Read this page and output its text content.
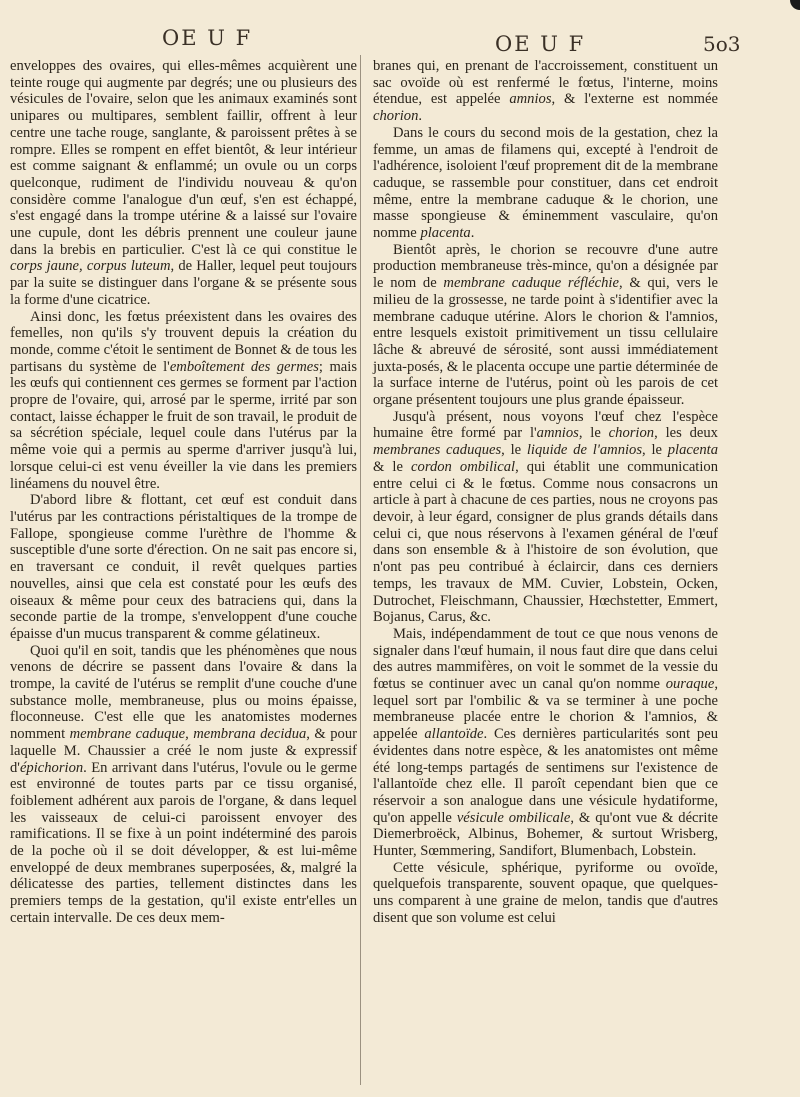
OE U F	OE U F	5o3

enveloppes des ovaires, qui elles-mêmes acquièrent une teinte rouge qui augmente par degrés; une ou plusieurs des vésicules de l'ovaire, selon que les animaux examinés sont unipares ou multipares, semblent faillir, offrent à leur centre une tache rouge, sanglante, & paroissent prêtes à se rompre. Elles se rompent en effet bientôt, & leur intérieur est comme saignant & enflammé; un ovule ou un corps quelconque, rudiment de l'individu nouveau & qu'on considère comme l'analogue d'un œuf, s'en est échappé, s'est engagé dans la trompe utérine & a laissé sur l'ovaire une cupule, dont les débris prennent une couleur jaune dans la brebis en particulier. C'est là ce qui constitue le corps jaune, corpus luteum, de Haller, lequel peut toujours par la suite se distinguer dans l'organe & se présente sous la forme d'une cicatrice.

Ainsi donc, les fœtus préexistent dans les ovaires des femelles, non qu'ils s'y trouvent depuis la création du monde, comme c'étoit le sentiment de Bonnet & de tous les partisans du système de l'emboîtement des germes; mais les œufs qui contiennent ces germes se forment par l'action propre de l'ovaire, qui, arrosé par le sperme, irrité par son contact, laisse échapper le fruit de son travail, le produit de sa sécrétion spéciale, lequel coule dans l'utérus par la même voie qui a permis au sperme d'arriver jusqu'à lui, lorsque celui-ci est venu éveiller la vie dans les premiers linéamens du nouvel être.

D'abord libre & flottant, cet œuf est conduit dans l'utérus par les contractions péristaltiques de la trompe de Fallope, spongieuse comme l'urèthre de l'homme & susceptible d'une sorte d'érection. On ne sait pas encore si, en traversant ce conduit, il revêt quelques parties nouvelles, ainsi que cela est constaté pour les œufs des oiseaux & même pour ceux des batraciens qui, dans la seconde partie de la trompe, s'enveloppent d'une couche épaisse d'un mucus transparent & comme gélatineux.

Quoi qu'il en soit, tandis que les phénomènes que nous venons de décrire se passent dans l'ovaire & dans la trompe, la cavité de l'utérus se remplit d'une couche d'une substance molle, membraneuse, plus ou moins épaisse, floconneuse. C'est elle que les anatomistes modernes nomment membrane caduque, membrana decidua, & pour laquelle M. Chaussier a créé le nom juste & expressif d'épichorion. En arrivant dans l'utérus, l'ovule ou le germe est environné de toutes parts par ce tissu organisé, foiblement adhérent aux parois de l'organe, & dans lequel les vaisseaux de celui-ci paroissent envoyer des ramifications. Il se fixe à un point indéterminé des parois de la poche où il se doit développer, & est lui-même enveloppé de deux membranes superposées, &, malgré la délicatesse des parties, tellement distinctes dans les premiers temps de la gestation, qu'il existe entr'elles un certain intervalle. De ces deux mem-

branes qui, en prenant de l'accroissement, constituent un sac ovoïde où est renfermé le fœtus, l'interne, moins étendue, est appelée amnios, & l'externe est nommée chorion.

Dans le cours du second mois de la gestation, chez la femme, un amas de filamens qui, excepté à l'endroit de l'adhérence, isoloient l'œuf proprement dit de la membrane caduque, se rassemble pour constituer, dans cet endroit même, entre la membrane caduque & le chorion, une masse spongieuse & éminemment vasculaire, qu'on nomme placenta.

Bientôt après, le chorion se recouvre d'une autre production membraneuse très-mince, qu'on a désignée par le nom de membrane caduque réfléchie, & qui, vers le milieu de la grossesse, ne tarde point à s'identifier avec la membrane caduque utérine. Alors le chorion & l'amnios, entre lesquels existoit primitivement un tissu cellulaire lâche & abreuvé de sérosité, sont aussi immédiatement juxta-posés, & le placenta occupe une partie déterminée de la surface interne de l'utérus, point où les parois de cet organe présentent toujours une plus grande épaisseur.

Jusqu'à présent, nous voyons l'œuf chez l'espèce humaine être formé par l'amnios, le chorion, les deux membranes caduques, le liquide de l'amnios, le placenta & le cordon ombilical, qui établit une communication entre celui ci & le fœtus. Comme nous consacrons un article à part à chacune de ces parties, nous ne croyons pas devoir, à leur égard, consigner de plus grands détails dans celui ci, que nous réservons à l'examen général de l'œuf dans son ensemble & à l'histoire de son évolution, que n'ont pas peu contribué à éclaircir, dans ces derniers temps, les travaux de MM. Cuvier, Lobstein, Ocken, Dutrochet, Fleischmann, Chaussier, Hœchstetter, Emmert, Bojanus, Carus, &c.

Mais, indépendamment de tout ce que nous venons de signaler dans l'œuf humain, il nous faut dire que dans celui des autres mammifères, on voit le sommet de la vessie du fœtus se continuer avec un canal qu'on nomme ouraque, lequel sort par l'ombilic & va se terminer à une poche membraneuse placée entre le chorion & l'amnios, & appelée allantoïde. Ces dernières particularités sont peu évidentes dans notre espèce, & les anatomistes ont même été long-temps partagés de sentimens sur l'existence de l'allantoïde chez elle. Il paroît cependant bien que ce réservoir a son analogue dans une vésicule hydatiforme, qu'on appelle vésicule ombilicale, & qu'ont vue & décrite Diemerbroëck, Albinus, Bohemer, & surtout Wrisberg, Hunter, Sœmmering, Sandifort, Blumenbach, Lobstein.

Cette vésicule, sphérique, pyriforme ou ovoïde, quelquefois transparente, souvent opaque, que quelques-uns comparent à une graine de melon, tandis que d'autres disent que son volume est celui
